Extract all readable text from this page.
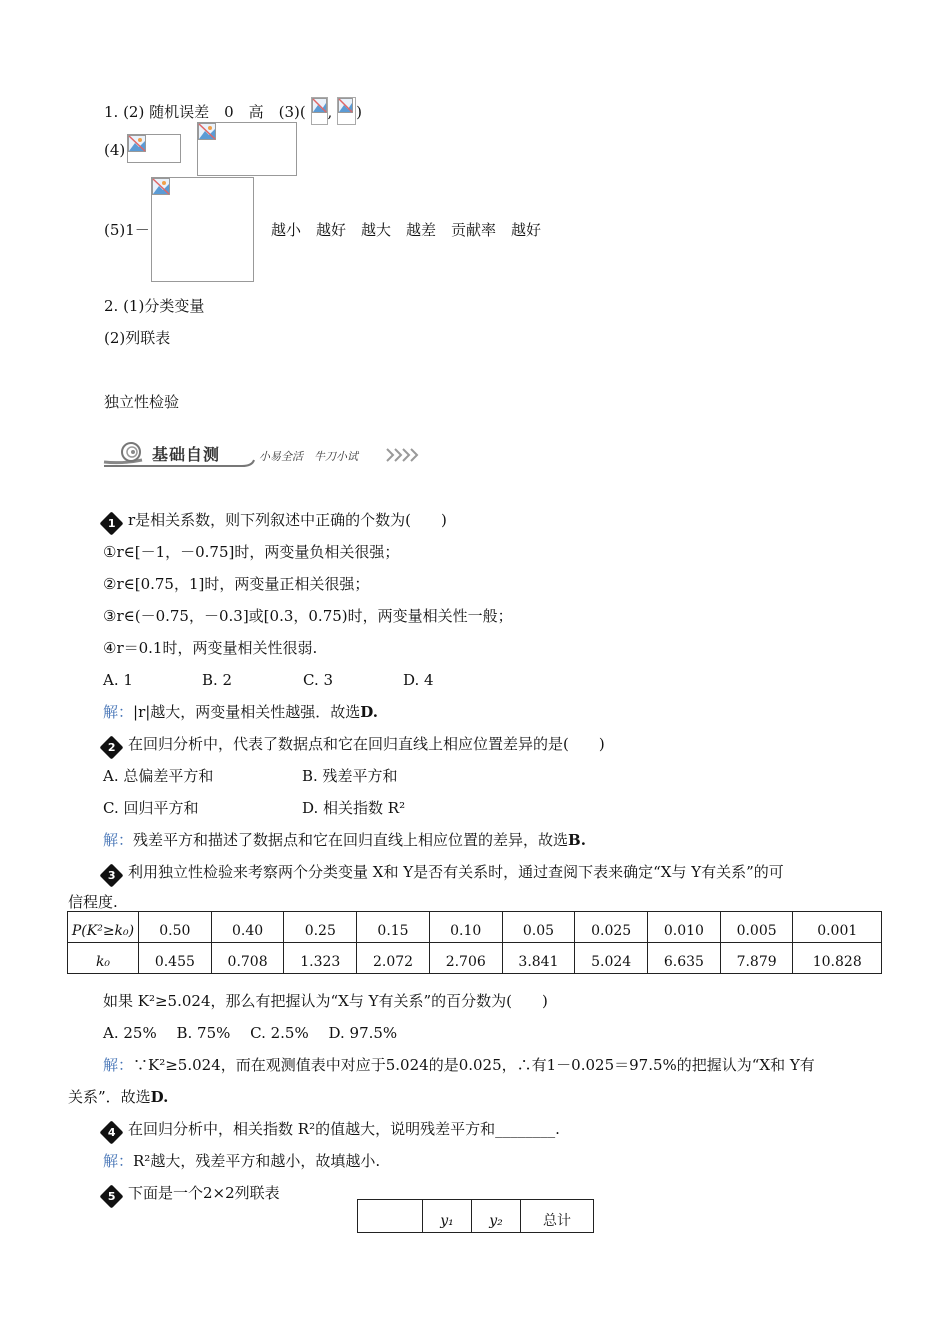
1. (2) 随机误差　0　高　(3)( , )
(4)
(5)1－	越小　越好　越大　越差　贡献率　越好
2. (1)分类变量
(2)列联表
独立性检验
基础自测	小易全活　牛刀小试
1 r是相关系数，则下列叙述中正确的个数为(　　)
①r∈[－1，－0.75]时，两变量负相关很强；
②r∈[0.75，1]时，两变量正相关很强；
③r∈(－0.75，－0.3]或[0.3，0.75)时，两变量相关性一般；
④r＝0.1时，两变量相关性很弱.
A. 1	B. 2	C. 3	D. 4
解：|r|越大，两变量相关性越强．故选D.
2 在回归分析中，代表了数据点和它在回归直线上相应位置差异的是(　　)
A. 总偏差平方和	B. 残差平方和
C. 回归平方和	D. 相关指数 R²
解：残差平方和描述了数据点和它在回归直线上相应位置的差异，故选B.
3 利用独立性检验来考察两个分类变量 X和 Y是否有关系时，通过查阅下表来确定“X与 Y有关系”的可
信程度.
P(K²≥k₀)	0.50	0.40	0.25	0.15	0.10	0.05	0.025	0.010	0.005	0.001
k₀	0.455	0.708	1.323	2.072	2.706	3.841	5.024	6.635	7.879	10.828
如果 K²≥5.024，那么有把握认为“X与 Y有关系”的百分数为(　　)
A. 25%　 B. 75%　 C. 2.5%　 D. 97.5%
解：∵K²≥5.024，而在观测值表中对应于5.024的是0.025，∴有1－0.025＝97.5%的把握认为“X和 Y有
关系”．故选D.
4 在回归分析中，相关指数 R²的值越大，说明残差平方和________.
解：R²越大，残差平方和越小，故填越小.
5 下面是一个2×2列联表
	y₁	y₂	总计
